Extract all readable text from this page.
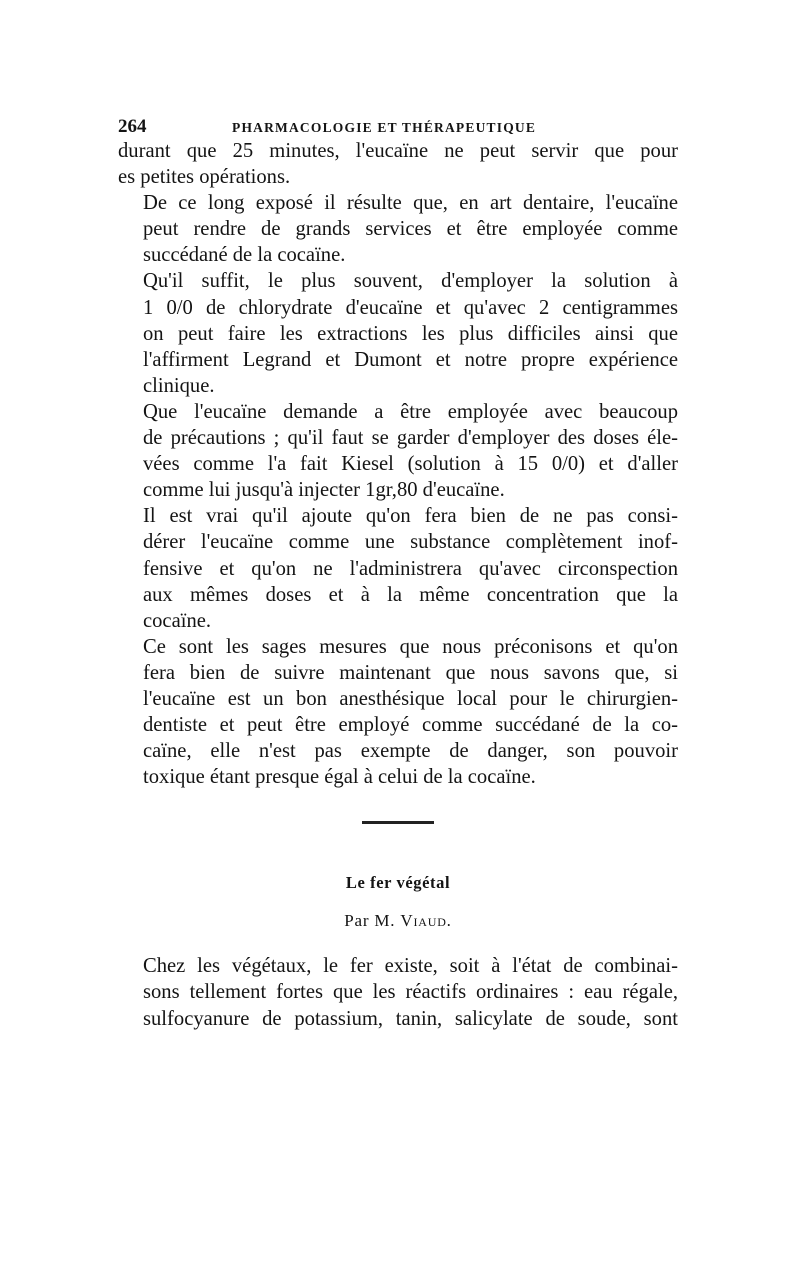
264	PHARMACOLOGIE ET THÉRAPEUTIQUE

durant que 25 minutes, l'eucaïne ne peut servir que pour
es petites opérations.

De ce long exposé il résulte que, en art dentaire, l'eucaïne
peut rendre de grands services et être employée comme
succédané de la cocaïne.

Qu'il suffit, le plus souvent, d'employer la solution à
1 0/0 de chlorydrate d'eucaïne et qu'avec 2 centigrammes
on peut faire les extractions les plus difficiles ainsi que
l'affirment Legrand et Dumont et notre propre expérience
clinique.

Que l'eucaïne demande a être employée avec beaucoup
de précautions ; qu'il faut se garder d'employer des doses éle-
vées comme l'a fait Kiesel (solution à 15 0/0) et d'aller
comme lui jusqu'à injecter 1gr,80 d'eucaïne.

Il est vrai qu'il ajoute qu'on fera bien de ne pas consi-
dérer l'eucaïne comme une substance complètement inof-
fensive et qu'on ne l'administrera qu'avec circonspection
aux mêmes doses et à la même concentration que la
cocaïne.

Ce sont les sages mesures que nous préconisons et qu'on
fera bien de suivre maintenant que nous savons que, si
l'eucaïne est un bon anesthésique local pour le chirurgien-
dentiste et peut être employé comme succédané de la co-
caïne, elle n'est pas exempte de danger, son pouvoir
toxique étant presque égal à celui de la cocaïne.

Le fer végétal
Par M. Viaud.

Chez les végétaux, le fer existe, soit à l'état de combinai-
sons tellement fortes que les réactifs ordinaires : eau régale,
sulfocyanure de potassium, tanin, salicylate de soude, sont
